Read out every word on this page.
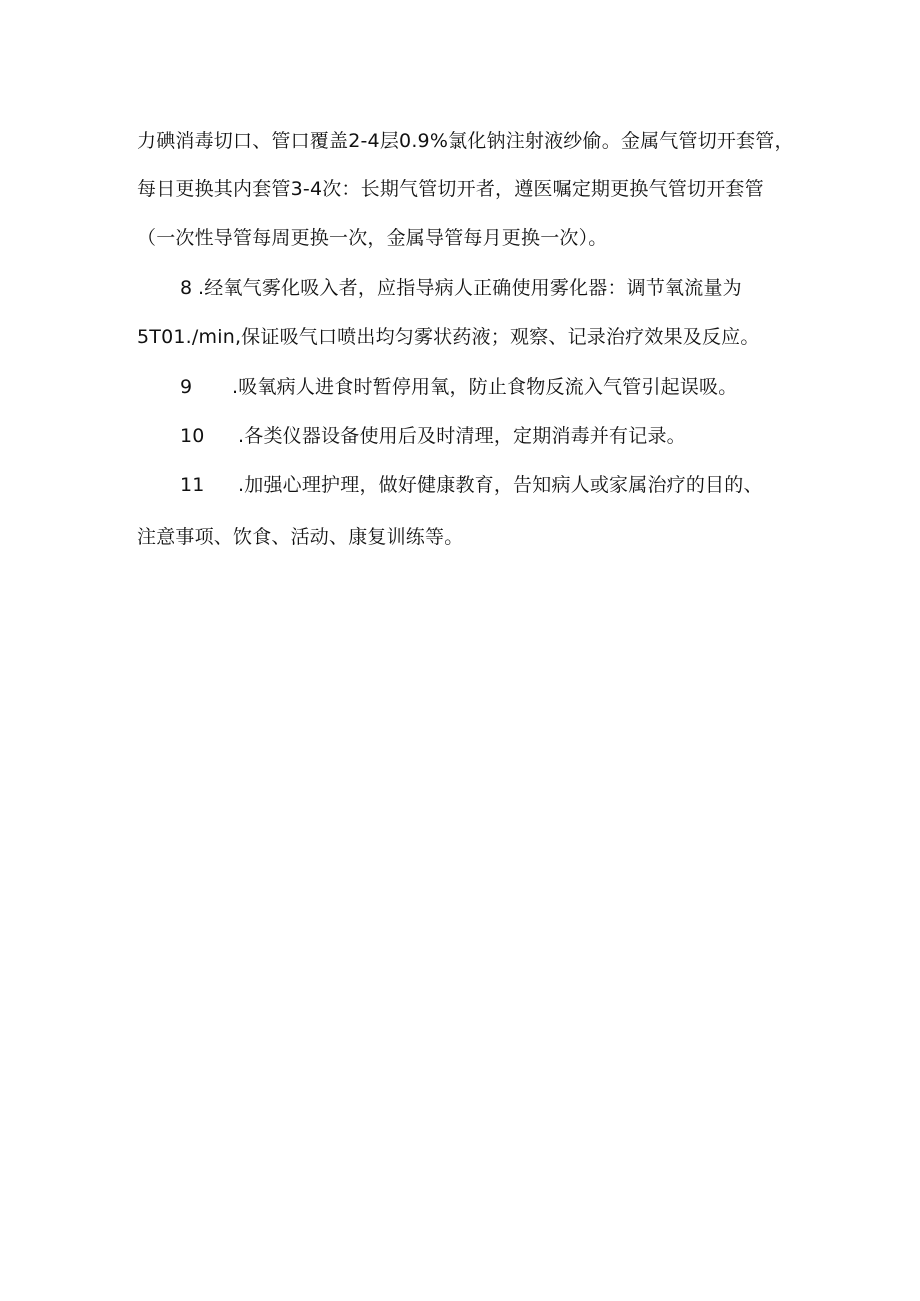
力碘消毒切口、管口覆盖2-4层0.9%氯化钠注射液纱偷。金属气管切开套管，
每日更换其内套管3-4次：长期气管切开者，遵医嘱定期更换气管切开套管
（一次性导管每周更换一次，金属导管每月更换一次）。
8 .经氧气雾化吸入者，应指导病人正确使用雾化器：调节氧流量为
5T01./min,保证吸气口喷出均匀雾状药液；观察、记录治疗效果及反应。
9 .吸氧病人进食时暂停用氧，防止食物反流入气管引起误吸。
10 .各类仪器设备使用后及时清理，定期消毒并有记录。
11 .加强心理护理，做好健康教育，告知病人或家属治疗的目的、
注意事项、饮食、活动、康复训练等。
